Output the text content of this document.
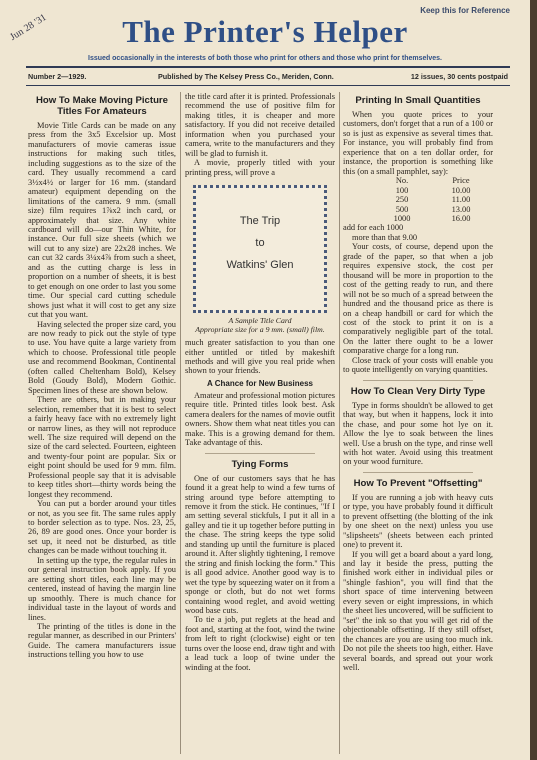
Jun 28 '31
Keep this for Reference
The Printer's Helper
Issued occasionally in the interests of both those who print for others and those who print for themselves.
Number 2—1929.	Published by The Kelsey Press Co., Meriden, Conn.	12 issues, 30 cents postpaid
How To Make Moving Picture Titles For Amateurs

Movie Title Cards can be made on any press from the 3x5 Excelsior up. Most manufacturers of movie cameras issue instructions for making such titles, including suggestions as to the size of the card. They usually recommend a card 3½x4½ or larger for 16 mm. (standard amateur) equipment depending on the limitations of the camera. 9 mm. (small size) film requires 1⅞x2 inch card, or approximately that size. Any white cardboard will do—our Thin White, for instance. Our full size sheets (which we will cut to any size) are 22x28 inches. We can cut 32 cards 3¼x4⅞ from such a sheet, and as the cutting charge is less in proportion on a number of sheets, it is best to get enough on one order to last you some time. Our special card cutting schedule shows just what it will cost to get any size cut that you want.

Having selected the proper size card, you are now ready to pick out the style of type to use. You have quite a large variety from which to choose. Professional title people use and recommend Bookman, Continental (often called Cheltenham Bold), Kelsey Bold (Goudy Bold), Modern Gothic. Specimen lines of these are shown below.

There are others, but in making your selection, remember that it is best to select a fairly heavy face with no extremely light or narrow lines, as they will not reproduce well. The size required will depend on the size of the card selected. Fourteen, eighteen and twenty-four point are popular. Six or eight point should be used for 9 mm. film. Professional people say that it is advisable to keep titles short—thirty words being the longest they recommend.

You can put a border around your titles or not, as you see fit. The same rules apply to border selection as to type. Nos. 23, 25, 26, 89 are good ones. Once your border is set up, it need not be disturbed, as title changes can be made without touching it.

In setting up the type, the regular rules in our general instruction book apply. If you are setting short titles, each line may be centered, instead of having the margin line up smoothly. There is much chance for individual taste in the layout of words and lines.

The printing of the titles is done in the regular manner, as described in our Printers' Guide. The camera manufacturers issue instructions telling you how to use

the title card after it is printed. Professionals recommend the use of positive film for making titles, it is cheaper and more satisfactory. If you did not receive detailed information when you purchased your camera, write to the manufacturers and they will be glad to furnish it.

A movie, properly titled with your printing press, will prove a

The Trip
to
Watkins' Glen
A Sample Title Card
Appropriate size for a 9 mm. (small) film.

much greater satisfaction to you than one either untitled or titled by makeshift methods and will give you real pride when shown to your friends.

A Chance for New Business

Amateur and professional motion pictures require title. Printed titles look best. Ask camera dealers for the names of movie outfit owners. Show them what neat titles you can make. This is a growing demand for them. Take advantage of this.

Tying Forms

One of our customers says that he has found it a great help to wind a few turns of string around type before attempting to remove it from the stick. He continues, "If I am setting several stickfuls, I put it all in a galley and tie it up together before putting in the chase. The string keeps the type solid and standing up until the furniture is placed around it. After slightly tightening, I remove the string and finish locking the form." This is all good advice. Another good way is to wet the type by squeezing water on it from a sponge or cloth, but do not wet forms containing wood reglet, and avoid wetting wood base cuts.

To tie a job, put reglets at the head and foot and, starting at the foot, wind the twine from left to right (clockwise) eight or ten turns over the loose end, draw tight and with a lead tuck a loop of twine under the winding at the foot.

Printing In Small Quantities

When you quote prices to your customers, don't forget that a run of a 100 or so is just as expensive as several times that. For instance, you will probably find from experience that on a ten dollar order, for instance, the proportion is something like this (on a small pamphlet, say):

No.	Price
100	10.00
250	11.00
500	13.00
1000	16.00
add for each 1000
more than that 9.00

Your costs, of course, depend upon the grade of the paper, so that when a job requires expensive stock, the cost per thousand will be more in proportion to the cost of the getting ready to run, and there will not be so much of a spread between the hundred and the thousand price as there is on a cheap handbill or card for which the cost of the stock to print it on is a comparatively negligible part of the total. On the latter there ought to be a lower comparative charge for a long run.

Close track of your costs will enable you to quote intelligently on varying quantities.

How To Clean Very Dirty Type

Type in forms shouldn't be allowed to get that way, but when it happens, lock it into the chase, and pour some hot lye on it. Allow the lye to soak between the lines well. Use a brush on the type, and rinse well with hot water. Avoid using this treatment on your wood furniture.

How To Prevent "Offsetting"

If you are running a job with heavy cuts or type, you have probably found it difficult to prevent offsetting (the blotting of the ink by one sheet on the next) unless you use "slipsheets" (sheets between each printed one) to prevent it.

If you will get a board about a yard long, and lay it beside the press, putting the finished work either in individual piles or "shingle fashion", you will find that the short space of time intervening between every seven or eight impressions, in which the sheet lies uncovered, will be sufficient to "set" the ink so that you will get rid of the objectionable offsetting. If they still offset, the chances are you are using too much ink. Do not pile the sheets too high, either. Have several boards, and spread out your work well.
